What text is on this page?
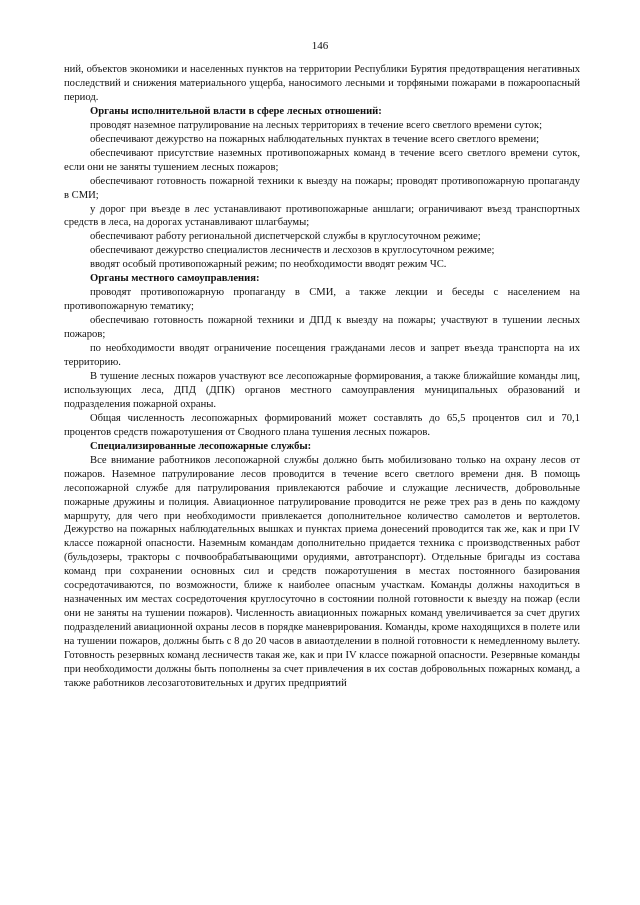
146

ний, объектов экономики и населенных пунктов на территории Республики Бурятия предотвращения негативных последствий и снижения материального ущерба, наносимого лесными и торфяными пожарами в пожароопасный период.

Органы исполнительной власти в сфере лесных отношений:

проводят наземное патрулирование на лесных территориях в течение всего светлого времени суток;

обеспечивают дежурство на пожарных наблюдательных пунктах в течение всего светлого времени;

обеспечивают присутствие наземных противопожарных команд в течение всего светлого времени суток, если они не заняты тушением лесных пожаров;

обеспечивают готовность пожарной техники к выезду на пожары; проводят противопожарную пропаганду в СМИ;

у дорог при въезде в лес устанавливают противопожарные аншлаги; ограничивают въезд транспортных средств в леса, на дорогах устанавливают шлагбаумы;

обеспечивают работу региональной диспетчерской службы в круглосуточном режиме;

обеспечивают дежурство специалистов лесничеств и лесхозов в круглосуточном режиме;

вводят особый противопожарный режим; по необходимости вводят режим ЧС.

Органы местного самоуправления:

проводят противопожарную пропаганду в СМИ, а также лекции и беседы с населением на противопожарную тематику;

обеспечиваю готовность пожарной техники и ДПД к выезду на пожары; участвуют в тушении лесных пожаров;

по необходимости вводят ограничение посещения гражданами лесов и запрет въезда транспорта на их территорию.

В тушение лесных пожаров участвуют все лесопожарные формирования, а также ближайшие команды лиц, использующих леса, ДПД (ДПК) органов местного самоуправления муниципальных образований и подразделения пожарной охраны.

Общая численность лесопожарных формирований может составлять до 65,5 процентов сил и 70,1 процентов средств пожаротушения от Сводного плана тушения лесных пожаров.

Специализированные лесопожарные службы:

Все внимание работников лесопожарной службы должно быть мобилизовано только на охрану лесов от пожаров. Наземное патрулирование лесов проводится в течение всего светлого времени дня. В помощь лесопожарной службе для патрулирования привлекаются рабочие и служащие лесничеств, добровольные пожарные дружины и полиция. Авиационное патрулирование проводится не реже трех раз в день по каждому маршруту, для чего при необходимости привлекается дополнительное количество самолетов и вертолетов. Дежурство на пожарных наблюдательных вышках и пунктах приема донесений проводится так же, как и при IV классе пожарной опасности. Наземным командам дополнительно придается техника с производственных работ (бульдозеры, тракторы с почвообрабатывающими орудиями, автотранспорт). Отдельные бригады из состава команд при сохранении основных сил и средств пожаротушения в местах постоянного базирования сосредотачиваются, по возможности, ближе к наиболее опасным участкам. Команды должны находиться в назначенных им местах сосредоточения круглосуточно в состоянии полной готовности к выезду на пожар (если они не заняты на тушении пожаров). Численность авиационных пожарных команд увеличивается за счет других подразделений авиационной охраны лесов в порядке маневрирования. Команды, кроме находящихся в полете или на тушении пожаров, должны быть с 8 до 20 часов в авиаотделении в полной готовности к немедленному вылету. Готовность резервных команд лесничеств такая же, как и при IV классе пожарной опасности. Резервные команды при необходимости должны быть пополнены за счет привлечения в их состав добровольных пожарных команд, а также работников лесозаготовительных и других предприятий
